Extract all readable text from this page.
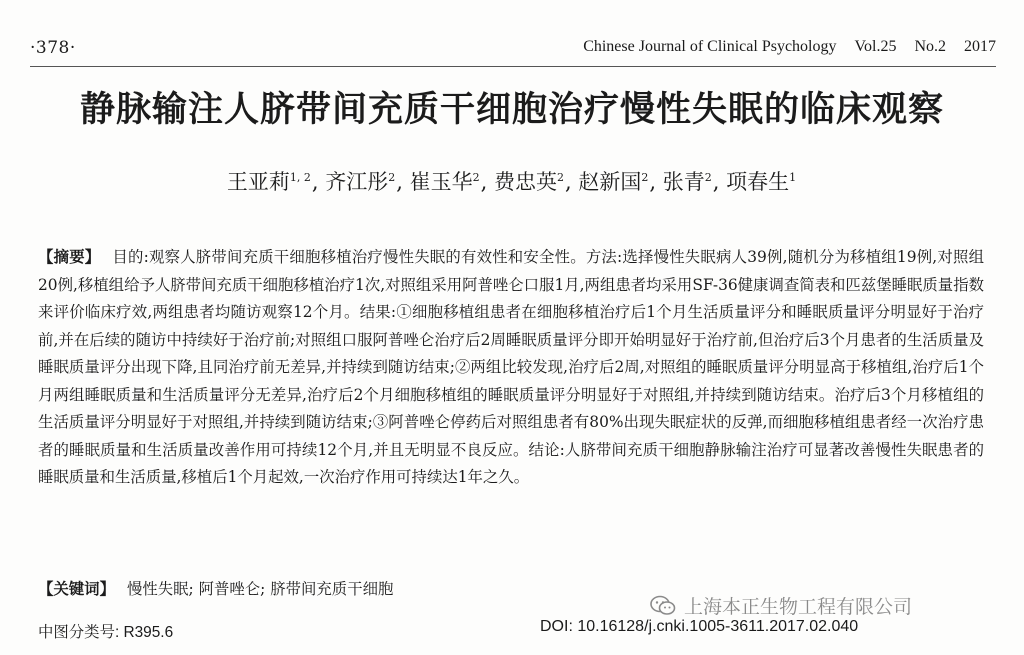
·378·	Chinese Journal of Clinical Psychology Vol.25 No.2 2017
静脉输注人脐带间充质干细胞治疗慢性失眠的临床观察
王亚莉$^{1, 2}$, 齐江彤$^2$, 崔玉华$^2$, 费忠英$^2$, 赵新国$^2$, 张青$^2$, 项春生$^1$
【摘要】 目的:观察人脐带间充质干细胞移植治疗慢性失眠的有效性和安全性。方法:选择慢性失眠病人39例,随机分为移植组19例,对照组20例,移植组给予人脐带间充质干细胞移植治疗1次,对照组采用阿普唑仑口服1月,两组患者均采用SF-36健康调查简表和匹兹堡睡眠质量指数来评价临床疗效,两组患者均随访观察12个月。结果:①细胞移植组患者在细胞移植治疗后1个月生活质量评分和睡眠质量评分明显好于治疗前,并在后续的随访中持续好于治疗前;对照组口服阿普唑仑治疗后2周睡眠质量评分即开始明显好于治疗前,但治疗后3个月患者的生活质量及睡眠质量评分出现下降,且同治疗前无差异,并持续到随访结束;②两组比较发现,治疗后2周,对照组的睡眠质量评分明显高于移植组,治疗后1个月两组睡眠质量和生活质量评分无差异,治疗后2个月细胞移植组的睡眠质量评分明显好于对照组,并持续到随访结束。治疗后3个月移植组的生活质量评分明显好于对照组,并持续到随访结束;③阿普唑仑停药后对照组患者有80%出现失眠症状的反弹,而细胞移植组患者经一次治疗患者的睡眠质量和生活质量改善作用可持续12个月,并且无明显不良反应。结论:人脐带间充质干细胞静脉输注治疗可显著改善慢性失眠患者的睡眠质量和生活质量,移植后1个月起效,一次治疗作用可持续达1年之久。
【关键词】 慢性失眠; 阿普唑仑; 脐带间充质干细胞
上海本正生物工程有限公司
中图分类号: R395.6	DOI: 10.16128/j.cnki.1005-3611.2017.02.040
